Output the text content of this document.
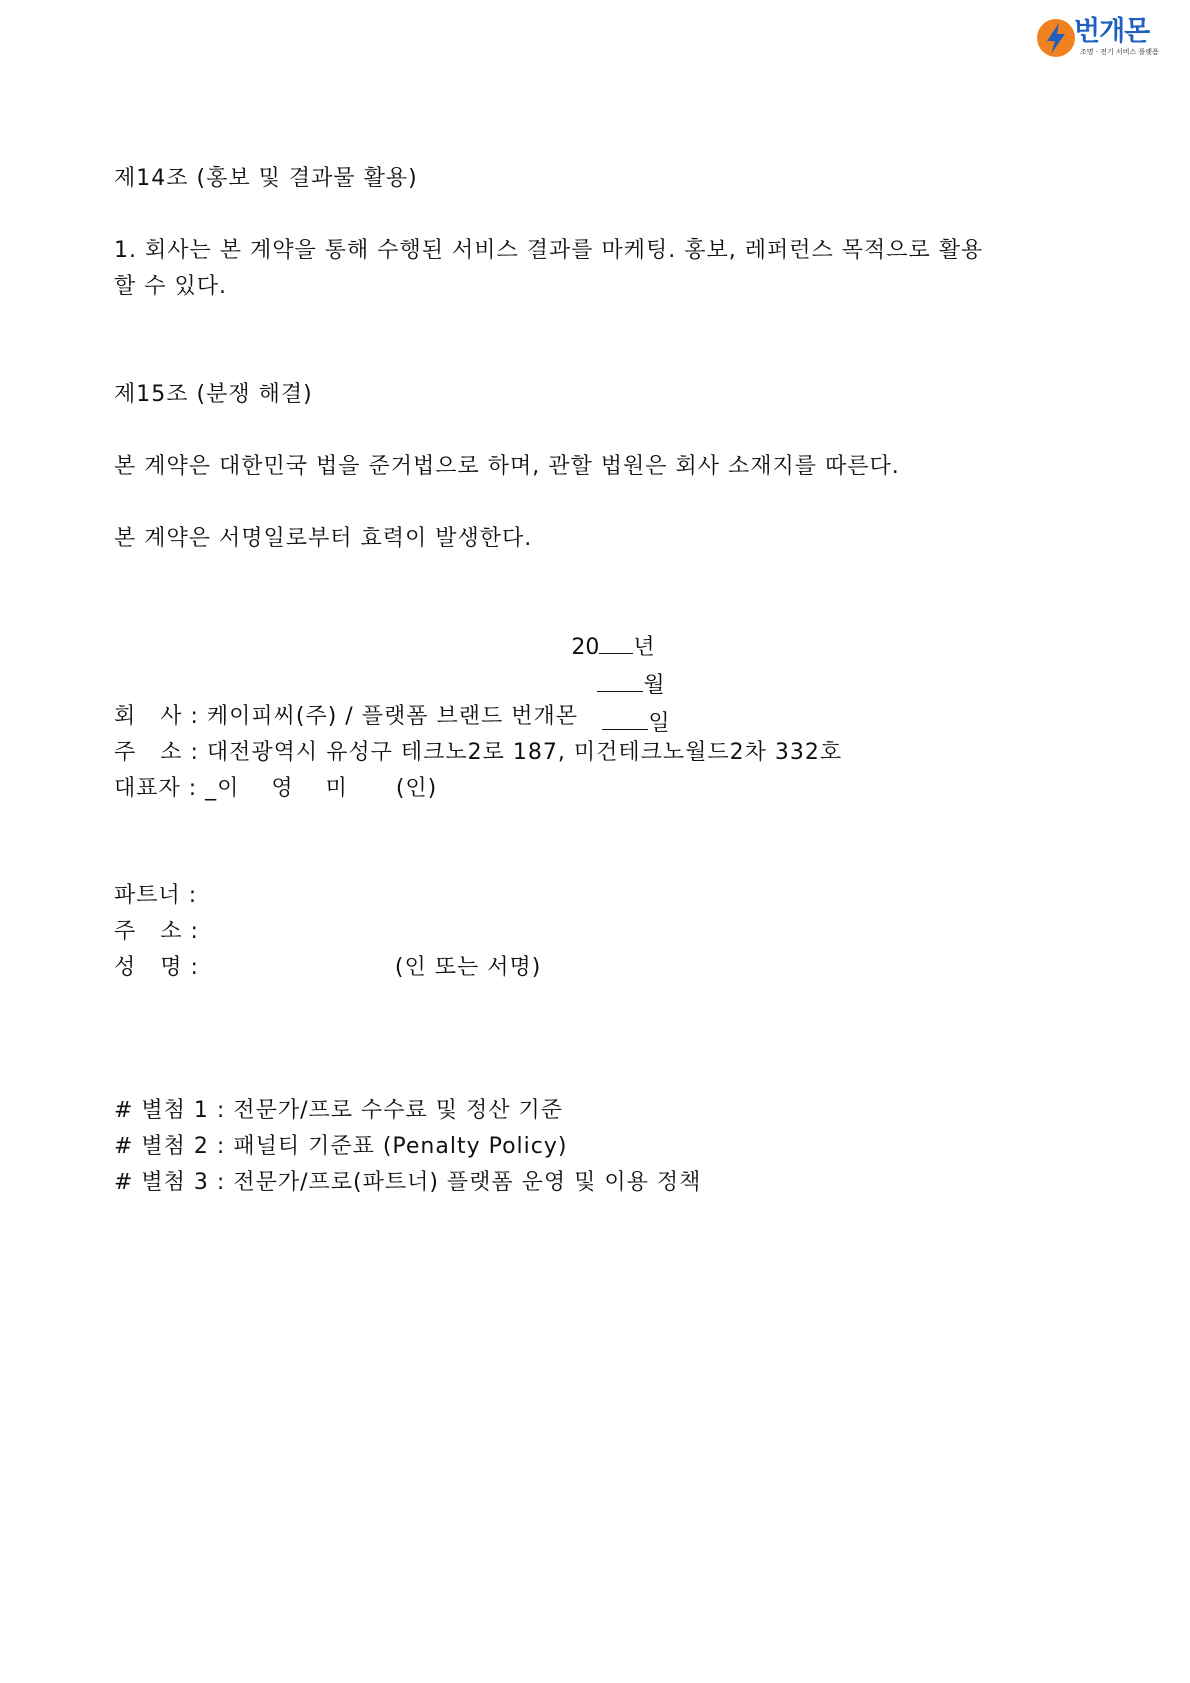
번개몬
조명 · 전기 서비스 플랫폼
제14조 (홍보 및 결과물 활용)
1. 회사는 본 계약을 통해 수행된 서비스 결과를 마케팅. 홍보, 레퍼런스 목적으로 활용
할 수 있다.
제15조 (분쟁 해결)
본 계약은 대한민국 법을 준거법으로 하며, 관할 법원은 회사 소재지를 따른다.
본 계약은 서명일로부터 효력이 발생한다.

20 년
월
일

회   사 : 케이피씨(주) / 플랫폼 브랜드 번개몬
주   소 : 대전광역시 유성구 테크노2로 187, 미건테크노월드2차 332호
대표자 : _이    영    미      (인)
파트너 :
주   소 :
성   명 :	(인 또는 서명)
# 별첨 1 : 전문가/프로 수수료 및 정산 기준
# 별첨 2 : 패널티 기준표 (Penalty Policy)
# 별첨 3 : 전문가/프로(파트너) 플랫폼 운영 및 이용 정책
